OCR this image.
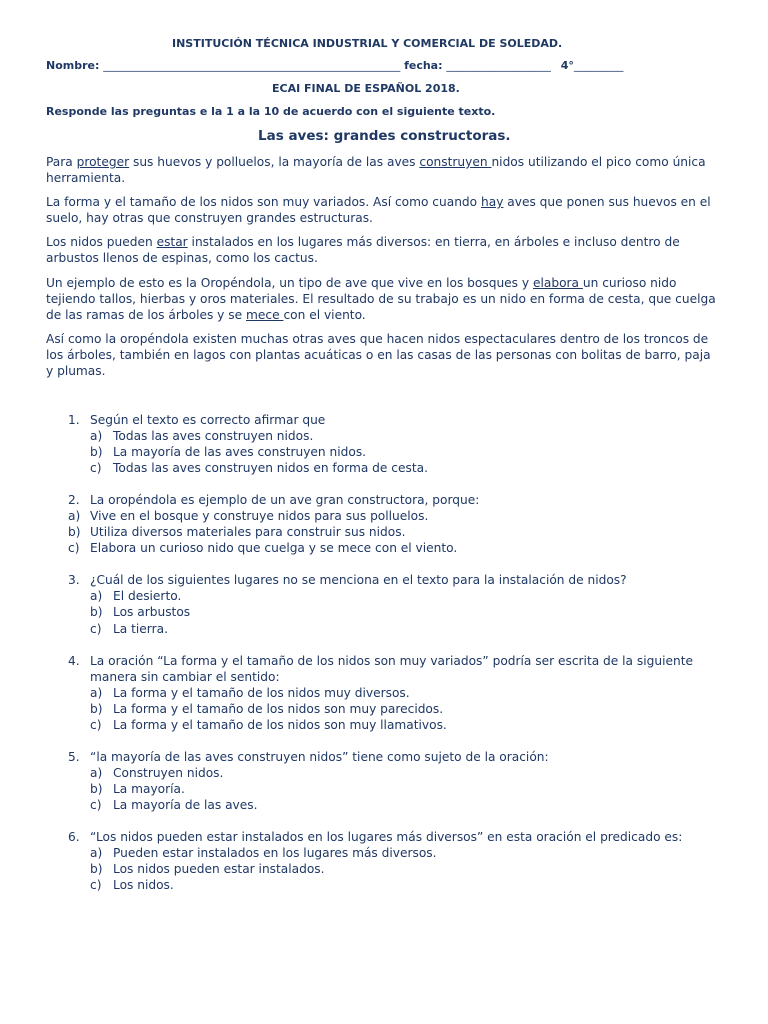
INSTITUCIÓN TÉCNICA INDUSTRIAL Y COMERCIAL DE SOLEDAD.
Nombre: ______________________________________________________ fecha: ___________________ 4°_________
ECAI FINAL DE ESPAÑOL 2018.
Responde las preguntas e la 1 a la 10 de acuerdo con el siguiente texto.
Las aves: grandes constructoras.

Para proteger sus huevos y polluelos, la mayoría de las aves construyen nidos utilizando el pico como única herramienta.

La forma y el tamaño de los nidos son muy variados. Así como cuando hay aves que ponen sus huevos en el suelo, hay otras que construyen grandes estructuras.

Los nidos pueden estar instalados en los lugares más diversos: en tierra, en árboles e incluso dentro de arbustos llenos de espinas, como los cactus.

Un ejemplo de esto es la Oropéndola, un tipo de ave que vive en los bosques y elabora un curioso nido tejiendo tallos, hierbas y oros materiales. El resultado de su trabajo es un nido en forma de cesta, que cuelga de las ramas de los árboles y se mece con el viento.

Así como la oropéndola existen muchas otras aves que hacen nidos espectaculares dentro de los troncos de los árboles, también en lagos con plantas acuáticas o en las casas de las personas con bolitas de barro, paja y plumas.

1. Según el texto es correcto afirmar que
a) Todas las aves construyen nidos.
b) La mayoría de las aves construyen nidos.
c) Todas las aves construyen nidos en forma de cesta.
2. La oropéndola es ejemplo de un ave gran constructora, porque:
a) Vive en el bosque y construye nidos para sus polluelos.
b) Utiliza diversos materiales para construir sus nidos.
c) Elabora un curioso nido que cuelga y se mece con el viento.
3. ¿Cuál de los siguientes lugares no se menciona en el texto para la instalación de nidos?
a) El desierto.
b) Los arbustos
c) La tierra.
4. La oración “La forma y el tamaño de los nidos son muy variados” podría ser escrita de la siguiente manera sin cambiar el sentido:
a) La forma y el tamaño de los nidos muy diversos.
b) La forma y el tamaño de los nidos son muy parecidos.
c) La forma y el tamaño de los nidos son muy llamativos.
5. “la mayoría de las aves construyen nidos” tiene como sujeto de la oración:
a) Construyen nidos.
b) La mayoría.
c) La mayoría de las aves.
6. “Los nidos pueden estar instalados en los lugares más diversos” en esta oración el predicado es:
a) Pueden estar instalados en los lugares más diversos.
b) Los nidos pueden estar instalados.
c) Los nidos.
